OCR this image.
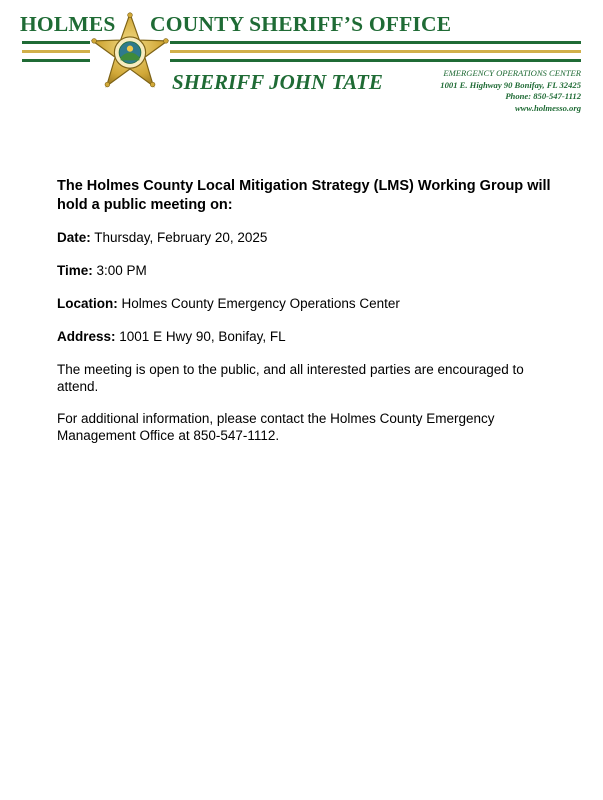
HOLMES COUNTY SHERIFF’S OFFICE
SHERIFF JOHN TATE	EMERGENCY OPERATIONS CENTER
1001 E. Highway 90 Bonifay, FL 32425
Phone: 850-547-1112
www.holmesso.org

The Holmes County Local Mitigation Strategy (LMS) Working Group will hold a public meeting on:

Date: Thursday, February 20, 2025

Time: 3:00 PM

Location: Holmes County Emergency Operations Center

Address: 1001 E Hwy 90, Bonifay, FL

The meeting is open to the public, and all interested parties are encouraged to attend.

For additional information, please contact the Holmes County Emergency Management Office at 850-547-1112.
